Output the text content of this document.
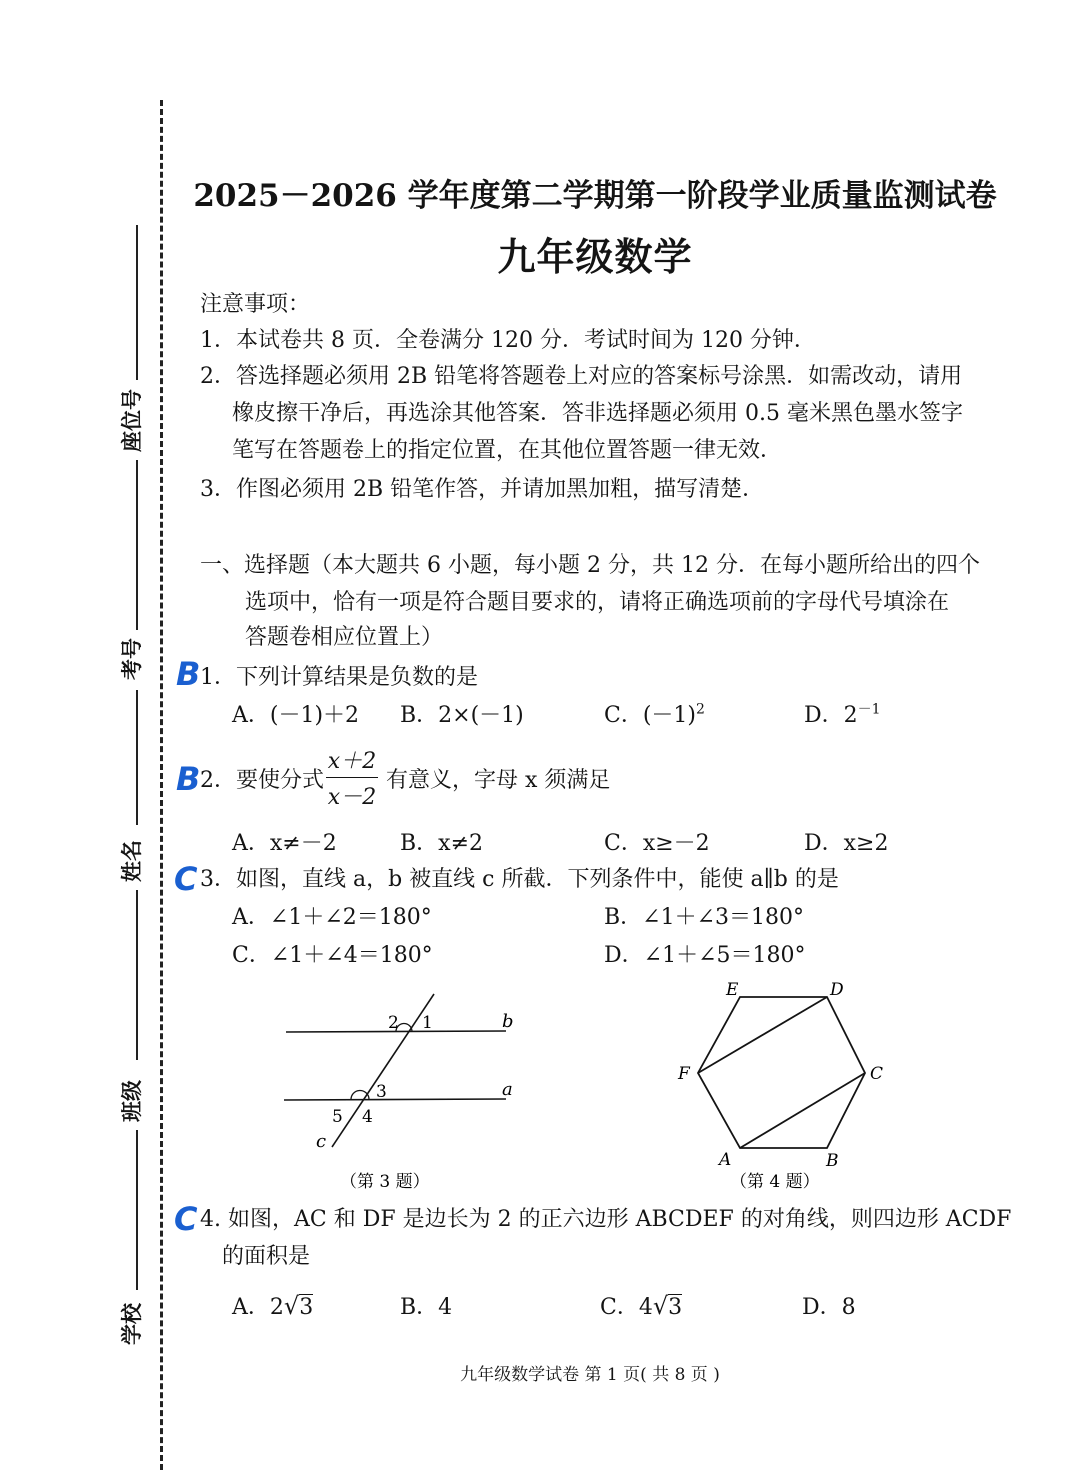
座位号
考号
姓名
班级
学校
2025－2026 学年度第二学期第一阶段学业质量监测试卷
九年级数学
注意事项：
1．本试卷共 8 页．全卷满分 120 分．考试时间为 120 分钟．
2．答选择题必须用 2B 铅笔将答题卷上对应的答案标号涂黑．如需改动，请用
橡皮擦干净后，再选涂其他答案．答非选择题必须用 0.5 毫米黑色墨水签字
笔写在答题卷上的指定位置，在其他位置答题一律无效．
3．作图必须用 2B 铅笔作答，并请加黑加粗，描写清楚．
一、选择题（本大题共 6 小题，每小题 2 分，共 12 分．在每小题所给出的四个
选项中，恰有一项是符合题目要求的，请将正确选项前的字母代号填涂在
答题卷相应位置上）
B 1．下列计算结果是负数的是
A．(－1)＋2 B．2×(－1)	C．$(-1)^2$	D．$2^{-1}$
B 2．要使分式
x＋2
x－2
有意义，字母 x 须满足
A．x≠－2	B．x≠2	C．x≥－2	D．x≥2
C 3．如图，直线 a，b 被直线 c 所截．下列条件中，能使 a∥b 的是
A．∠1＋∠2＝180°	B．∠1＋∠3＝180°
C．∠1＋∠4＝180°	D．∠1＋∠5＝180°
2 1	b
3	a
5 4
c
（第 3 题）
A	B
C
D
E
F
（第 4 题）
C 4. 如图，AC 和 DF 是边长为 2 的正六边形 ABCDEF 的对角线，则四边形 ACDF
的面积是
A．2√3	B．4	C．4√3	D．8
九年级数学试卷 第 1 页( 共 8 页 )
